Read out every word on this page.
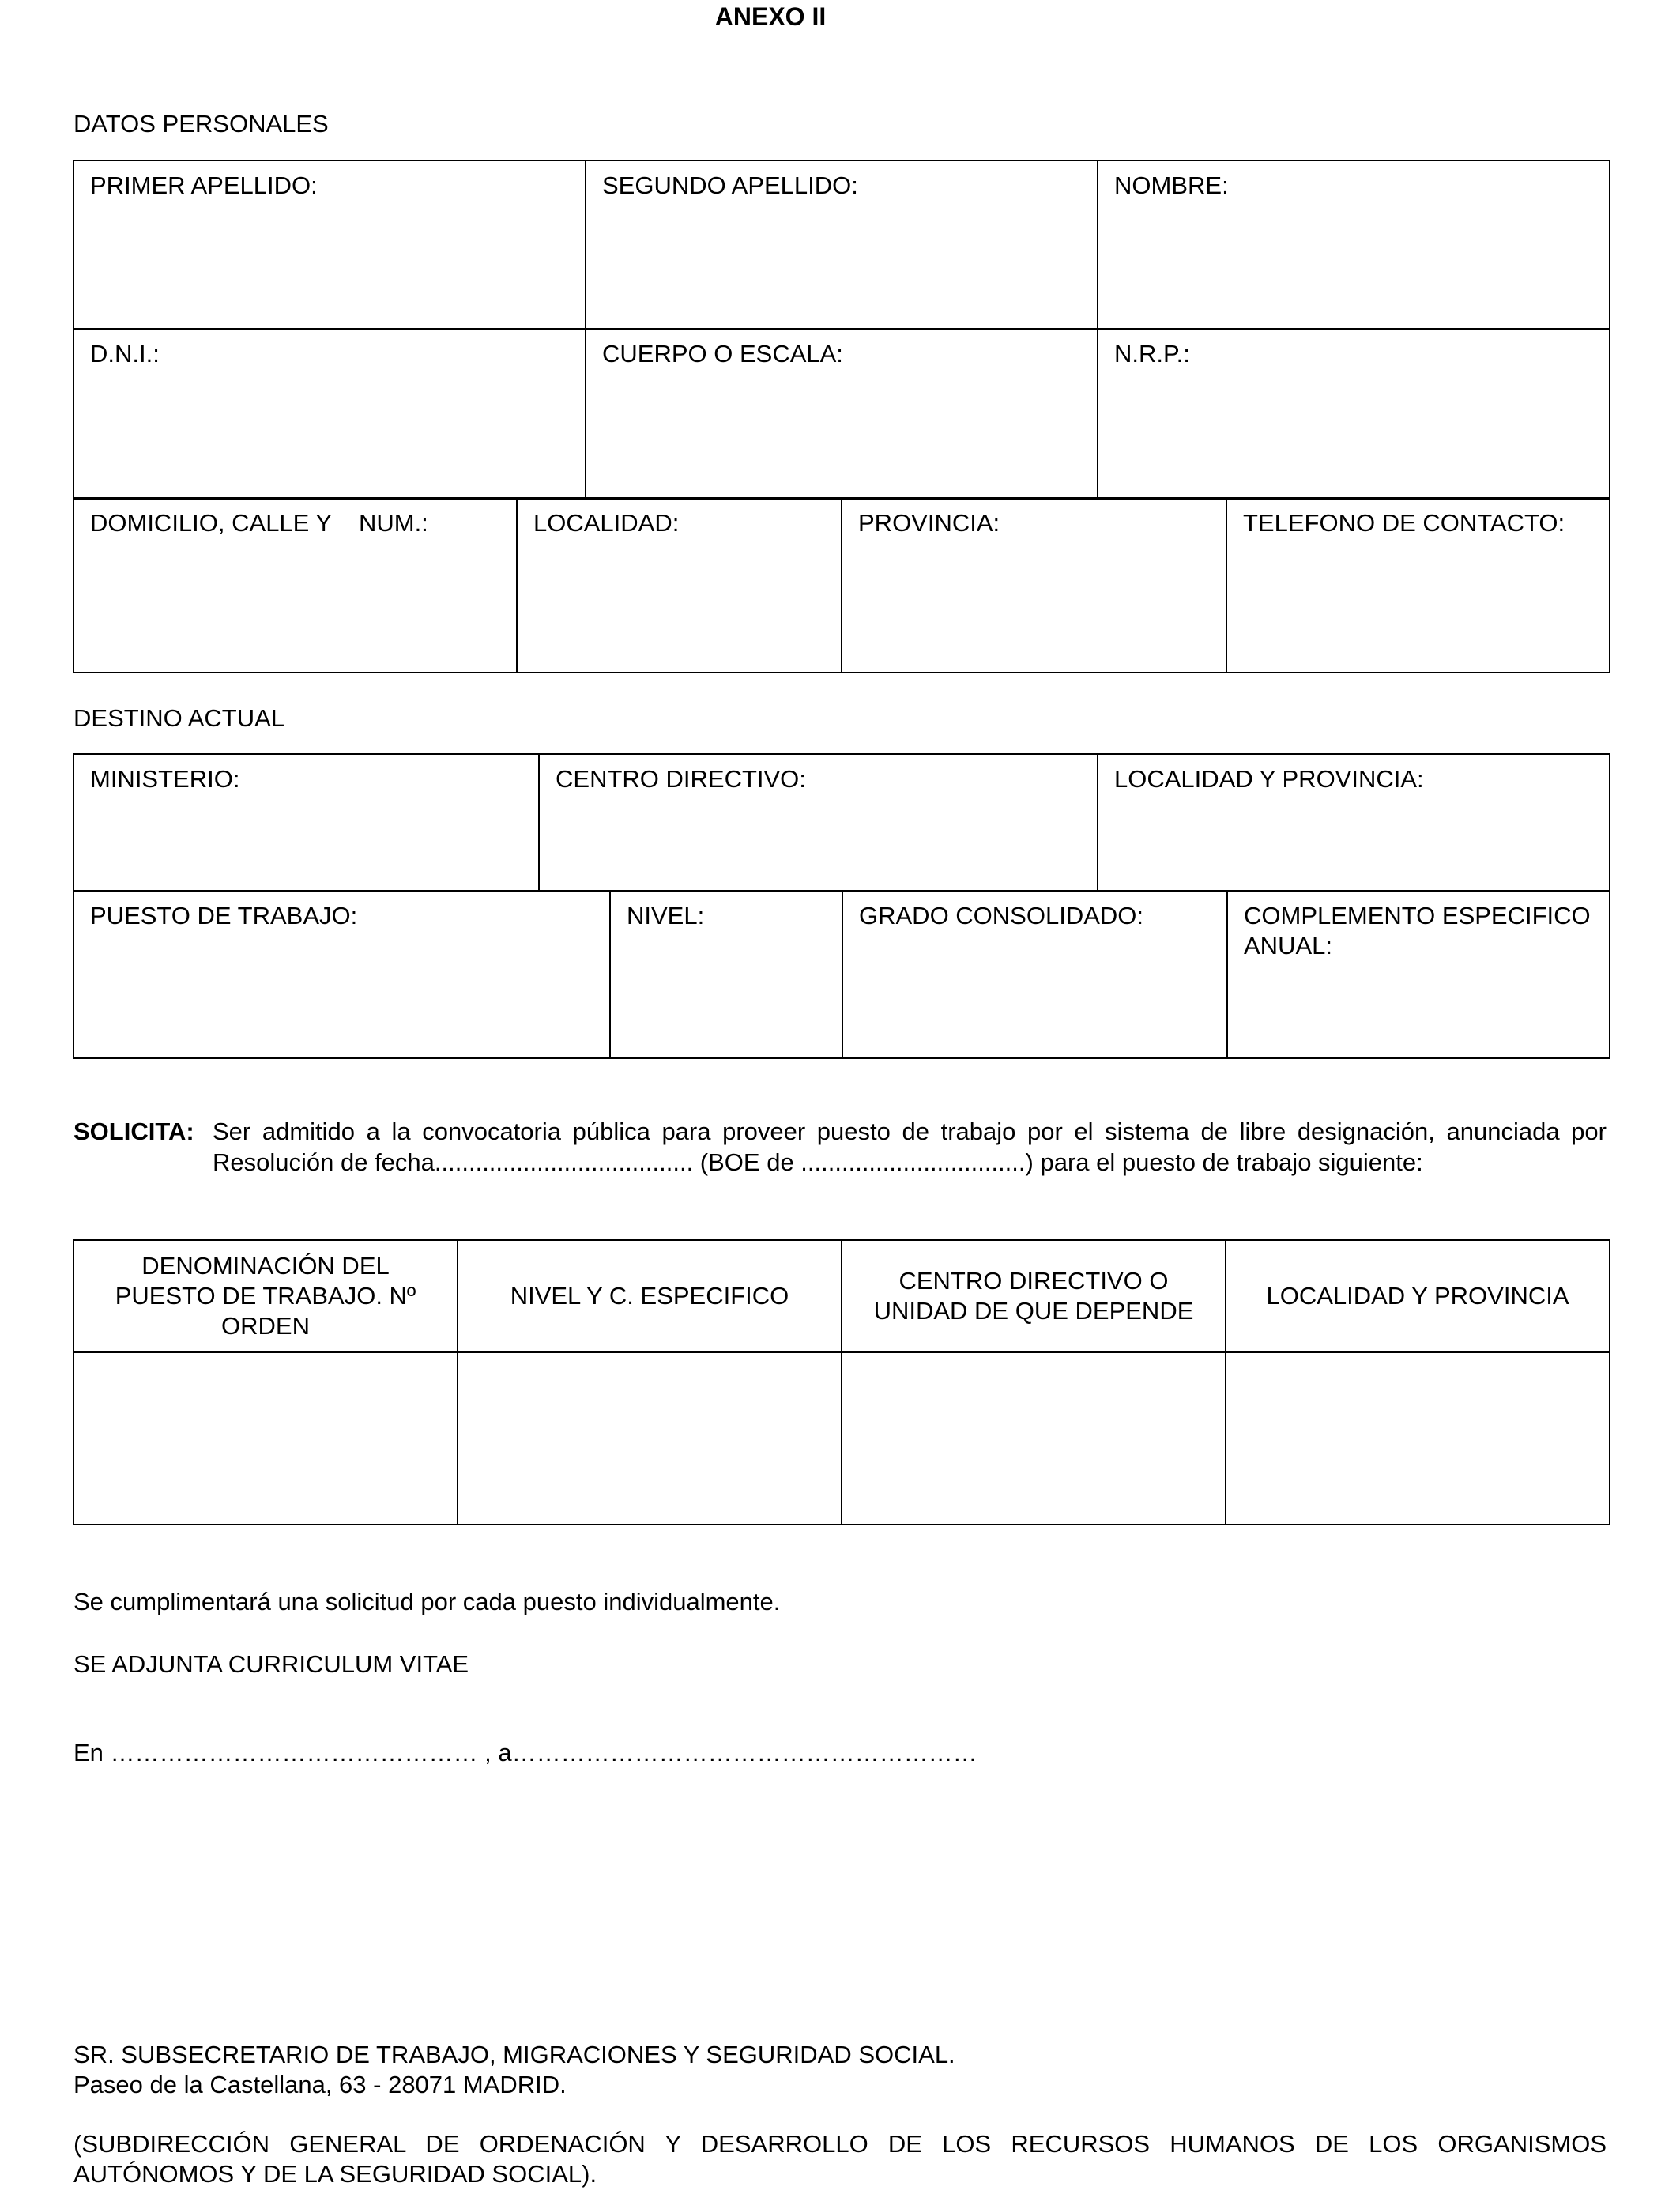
ANEXO II
DATOS PERSONALES
PRIMER APELLIDO:	SEGUNDO APELLIDO:	NOMBRE:
D.N.I.:	CUERPO O ESCALA:	N.R.P.:
DOMICILIO, CALLE Y    NUM.:	LOCALIDAD:	PROVINCIA:	TELEFONO DE CONTACTO:
DESTINO ACTUAL
MINISTERIO:	CENTRO DIRECTIVO:	LOCALIDAD Y PROVINCIA:
PUESTO DE TRABAJO:	NIVEL:	GRADO CONSOLIDADO:	COMPLEMENTO ESPECIFICO ANUAL:
SOLICITA: Ser admitido a la convocatoria pública para proveer puesto de trabajo por el sistema de libre designación, anunciada por Resolución de fecha...................................... (BOE de .................................) para el puesto de trabajo siguiente:
DENOMINACIÓN DEL PUESTO DE TRABAJO. Nº ORDEN	NIVEL Y C. ESPECIFICO	CENTRO DIRECTIVO O UNIDAD DE QUE DEPENDE	LOCALIDAD Y PROVINCIA

Se cumplimentará una solicitud por cada puesto individualmente.
SE ADJUNTA CURRICULUM VITAE
En ……………………………………… , a…………………………………………………
SR. SUBSECRETARIO DE TRABAJO, MIGRACIONES Y SEGURIDAD SOCIAL.
Paseo de la Castellana, 63 - 28071 MADRID.
(SUBDIRECCIÓN GENERAL DE ORDENACIÓN Y DESARROLLO DE LOS RECURSOS HUMANOS DE LOS ORGANISMOS AUTÓNOMOS Y DE LA SEGURIDAD SOCIAL).
